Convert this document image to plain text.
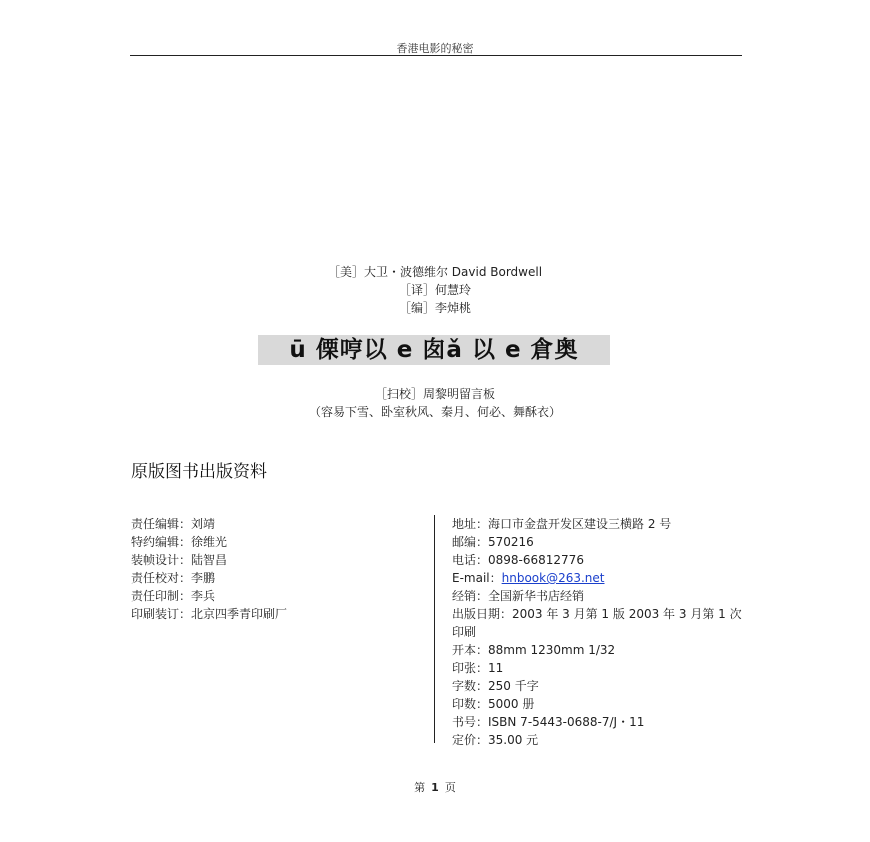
香港电影的秘密
［美］大卫・波德维尔 David Bordwell
［译］何慧玲
［编］李焯桃
ū 傈哼以 e 囱ǎ 以 e 倉奥
［扫校］周黎明留言板
（容易下雪、卧室秋风、秦月、何必、舞酥衣）
原版图书出版资料
责任编辑：刘靖
特约编辑：徐维光
装帧设计：陆智昌
责任校对：李鹏
责任印制：李兵
印刷装订：北京四季青印刷厂
地址：海口市金盘开发区建设三横路 2 号
邮编：570216
电话：0898-66812776
E-mail：hnbook@263.net
经销：全国新华书店经销
出版日期：2003 年 3 月第 1 版 2003 年 3 月第 1 次印刷
开本：88mm 1230mm 1/32
印张：11
字数：250 千字
印数：5000 册
书号：ISBN 7-5443-0688-7/J・11
定价：35.00 元
第 1 页
